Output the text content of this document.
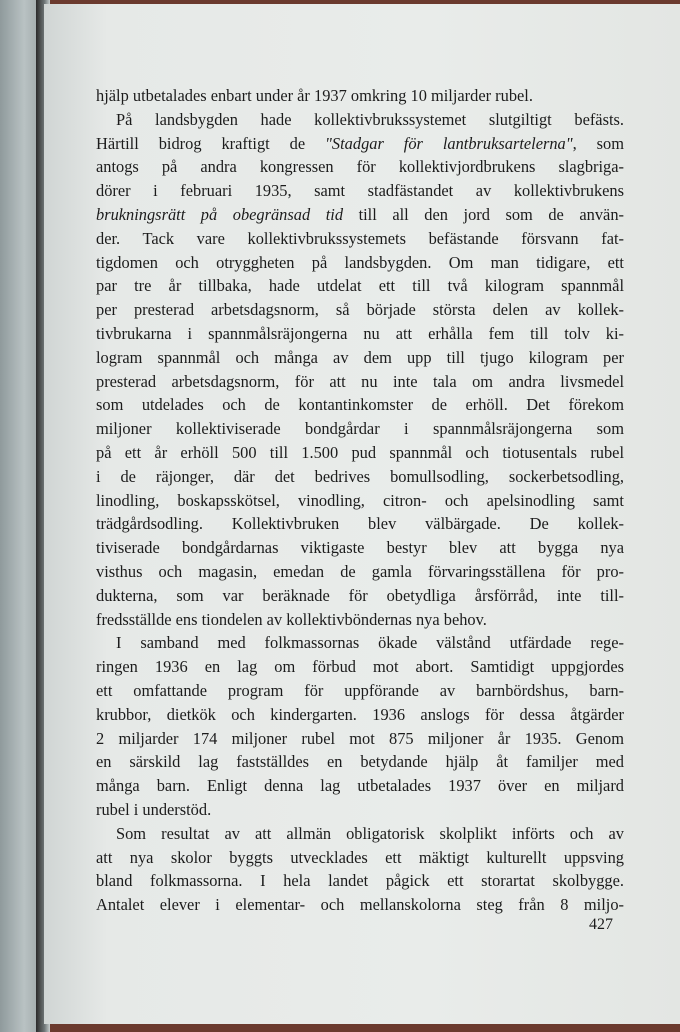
hjälp utbetalades enbart under år 1937 omkring 10 miljarder rubel.

På landsbygden hade kollektivbrukssystemet slutgiltigt befästs.
Härtill bidrog kraftigt de "Stadgar för lantbruksartelerna", som
antogs på andra kongressen för kollektivjordbrukens slagbriga-
dörer i februari 1935, samt stadfästandet av kollektivbrukens
brukningsrätt på obegränsad tid till all den jord som de använ-
der. Tack vare kollektivbrukssystemets befästande försvann fat-
tigdomen och otryggheten på landsbygden. Om man tidigare, ett
par tre år tillbaka, hade utdelat ett till två kilogram spannmål
per presterad arbetsdagsnorm, så började största delen av kollek-
tivbrukarna i spannmålsräjongerna nu att erhålla fem till tolv ki-
logram spannmål och många av dem upp till tjugo kilogram per
presterad arbetsdagsnorm, för att nu inte tala om andra livsmedel
som utdelades och de kontantinkomster de erhöll. Det förekom
miljoner kollektiviserade bondgårdar i spannmålsräjongerna som
på ett år erhöll 500 till 1.500 pud spannmål och tiotusentals rubel
i de räjonger, där det bedrives bomullsodling, sockerbetsodling,
linodling, boskapsskötsel, vinodling, citron- och apelsinodling samt
trädgårdsodling. Kollektivbruken blev välbärgade. De kollek-
tiviserade bondgårdarnas viktigaste bestyr blev att bygga nya
visthus och magasin, emedan de gamla förvaringsställena för pro-
dukterna, som var beräknade för obetydliga årsförråd, inte till-
fredsställde ens tiondelen av kollektivböndernas nya behov.

I samband med folkmassornas ökade välstånd utfärdade rege-
ringen 1936 en lag om förbud mot abort. Samtidigt uppgjordes
ett omfattande program för uppförande av barnbördshus, barn-
krubbor, dietkök och kindergarten. 1936 anslogs för dessa åtgärder
2 miljarder 174 miljoner rubel mot 875 miljoner år 1935. Genom
en särskild lag fastställdes en betydande hjälp åt familjer med
många barn. Enligt denna lag utbetalades 1937 över en miljard
rubel i understöd.

Som resultat av att allmän obligatorisk skolplikt införts och av
att nya skolor byggts utvecklades ett mäktigt kulturellt uppsving
bland folkmassorna. I hela landet pågick ett storartat skolbygge.
Antalet elever i elementar- och mellanskolorna steg från 8 miljo-

427
